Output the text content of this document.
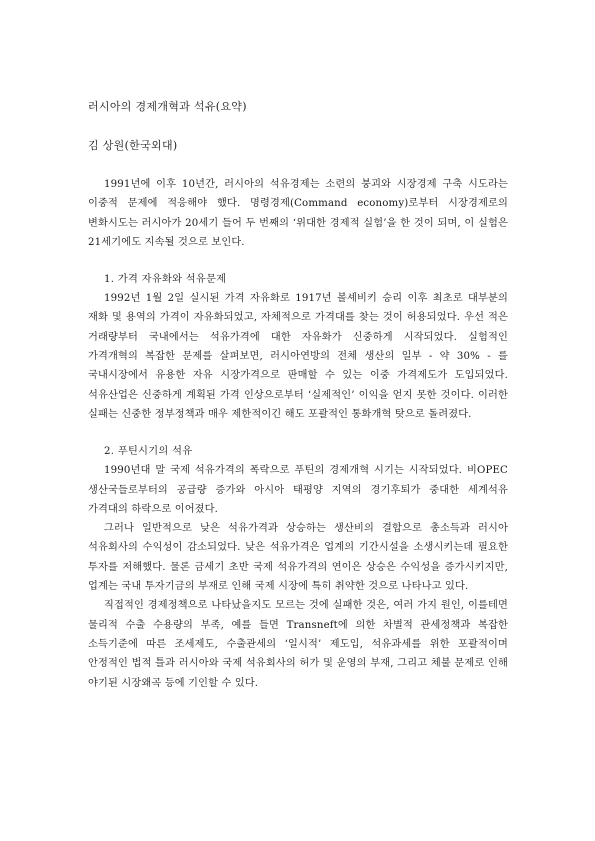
러시아의 경제개혁과 석유(요약)

김 상원(한국외대)

1991년에 이후 10년간, 러시아의 석유경제는 소련의 붕괴와 시장경제 구축 시도라는 이중적 문제에 적응해야 했다. 명령경제(Command economy)로부터 시장경제로의 변화시도는 러시아가 20세기 들어 두 번째의 ‘위대한 경제적 실험’을 한 것이 되며, 이 실험은 21세기에도 지속될 것으로 보인다.

1. 가격 자유화와 석유문제

1992년 1월 2일 실시된 가격 자유화로 1917년 볼셰비키 승리 이후 최초로 대부분의 재화 및 용역의 가격이 자유화되었고, 자체적으로 가격대를 찾는 것이 허용되었다. 우선 적은 거래량부터 국내에서는 석유가격에 대한 자유화가 신중하게 시작되었다. 실험적인 가격개혁의 복잡한 문제를 살펴보면, 러시아연방의 전체 생산의 일부 - 약 30% - 를 국내시장에서 유용한 자유 시장가격으로 판매할 수 있는 이중 가격제도가 도입되었다. 석유산업은 신중하게 계획된 가격 인상으로부터 ‘실제적인’ 이익을 얻지 못한 것이다. 이러한 실패는 신중한 정부정책과 매우 제한적이긴 해도 포괄적인 통화개혁 탓으로 돌려졌다.

2. 푸틴시기의 석유

1990년대 말 국제 석유가격의 폭락으로 푸틴의 경제개혁 시기는 시작되었다. 비OPEC 생산국들로부터의 공급량 증가와 아시아 태평양 지역의 경기후퇴가 중대한 세계석유 가격대의 하락으로 이어졌다.

그러나 일반적으로 낮은 석유가격과 상승하는 생산비의 결합으로 총소득과 러시아 석유회사의 수익성이 감소되었다. 낮은 석유가격은 업계의 기간시설을 소생시키는데 필요한 투자를 저해했다. 물론 금세기 초반 국제 석유가격의 연이은 상승은 수익성을 증가시키지만, 업계는 국내 투자기금의 부재로 인해 국제 시장에 특히 취약한 것으로 나타나고 있다.

직접적인 경제정책으로 나타났을지도 모르는 것에 실패한 것은, 여러 가지 원인, 이를테면 물리적 수출 수용량의 부족, 예를 들면 Transneft에 의한 차별적 관세정책과 복잡한 소득기준에 따른 조세제도, 수출관세의 ‘일시적’ 제도입, 석유과세를 위한 포괄적이며 안정적인 법적 틀과 러시아와 국제 석유회사의 허가 및 운영의 부재, 그리고 체불 문제로 인해 야기된 시장왜곡 등에 기인할 수 있다.
